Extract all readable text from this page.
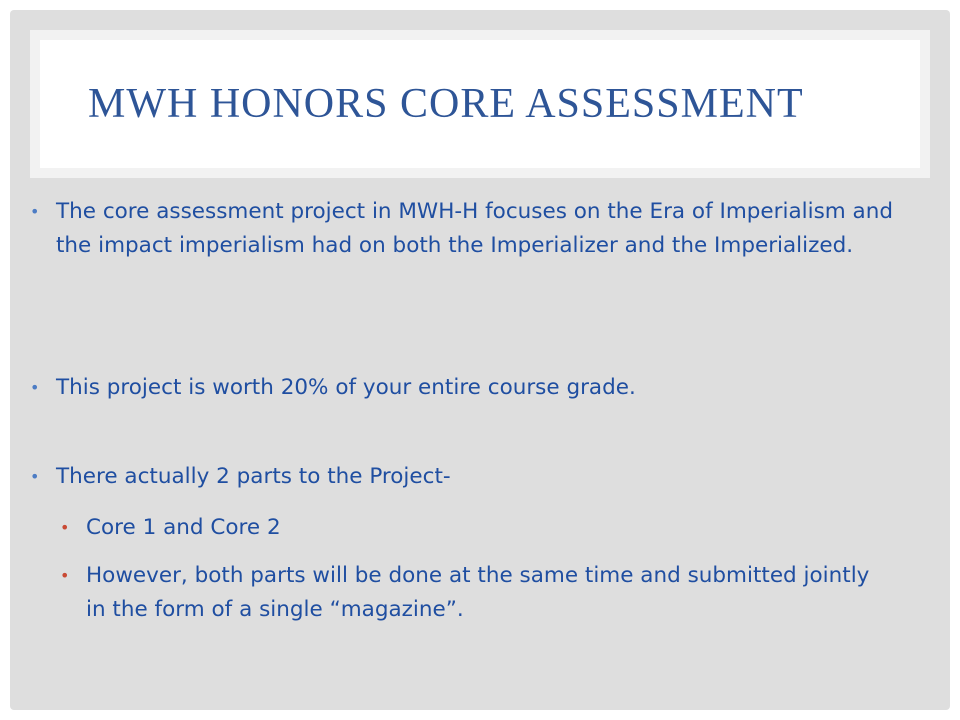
MWH HONORS CORE ASSESSMENT

• The core assessment project in MWH-H focuses on the Era of Imperialism and the impact imperialism had on both the Imperializer and the Imperialized.

• This project is worth 20% of your entire course grade.

• There actually 2 parts to the Project-

• Core 1 and Core 2

• However, both parts will be done at the same time and submitted jointly in the form of a single “magazine”.
